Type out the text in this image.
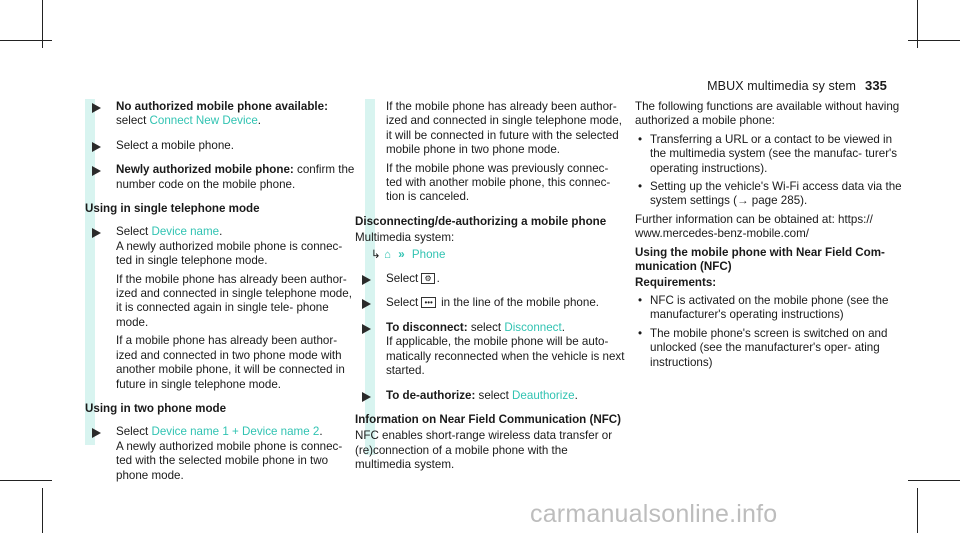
MBUX multimedia sy stem 335
No authorized mobile phone available:
select Connect New Device.
Select a mobile phone.
Newly authorized mobile phone: confirm the number code on the mobile phone.
Using in single telephone mode
Select Device name.
A newly authorized mobile phone is connec- ted in single telephone mode.
If the mobile phone has already been author- ized and connected in single telephone mode, it is connected again in single tele- phone mode.
If a mobile phone has already been author- ized and connected in two phone mode with another mobile phone, it will be connected in future in single telephone mode.
Using in two phone mode
Select Device name 1 + Device name 2.
A newly authorized mobile phone is connec- ted with the selected mobile phone in two phone mode.
If the mobile phone has already been author- ized and connected in single telephone mode, it will be connected in future with the selected mobile phone in two phone mode.
If the mobile phone was previously connec- ted with another mobile phone, this connec- tion is canceled.
Disconnecting/de-authorizing a mobile phone
Multimedia system:
↳ ⌂ » Phone
Select ⚙ .
Select ••• in the line of the mobile phone.
To disconnect: select Disconnect.
If applicable, the mobile phone will be auto- matically reconnected when the vehicle is next started.
To de-authorize: select Deauthorize.
Information on Near Field Communication (NFC)
NFC enables short-range wireless data transfer or (re)connection of a mobile phone with the multimedia system.
The following functions are available without having authorized a mobile phone:
• Transferring a URL or a contact to be viewed in the multimedia system (see the manufac- turer's operating instructions).
• Setting up the vehicle's Wi-Fi access data via the system settings (→ page 285).
Further information can be obtained at: https:// www.mercedes-benz-mobile.com/
Using the mobile phone with Near Field Com- munication (NFC)
Requirements:
• NFC is activated on the mobile phone (see the manufacturer's operating instructions)
• The mobile phone's screen is switched on and unlocked (see the manufacturer's oper- ating instructions)
carmanualsonline.info
